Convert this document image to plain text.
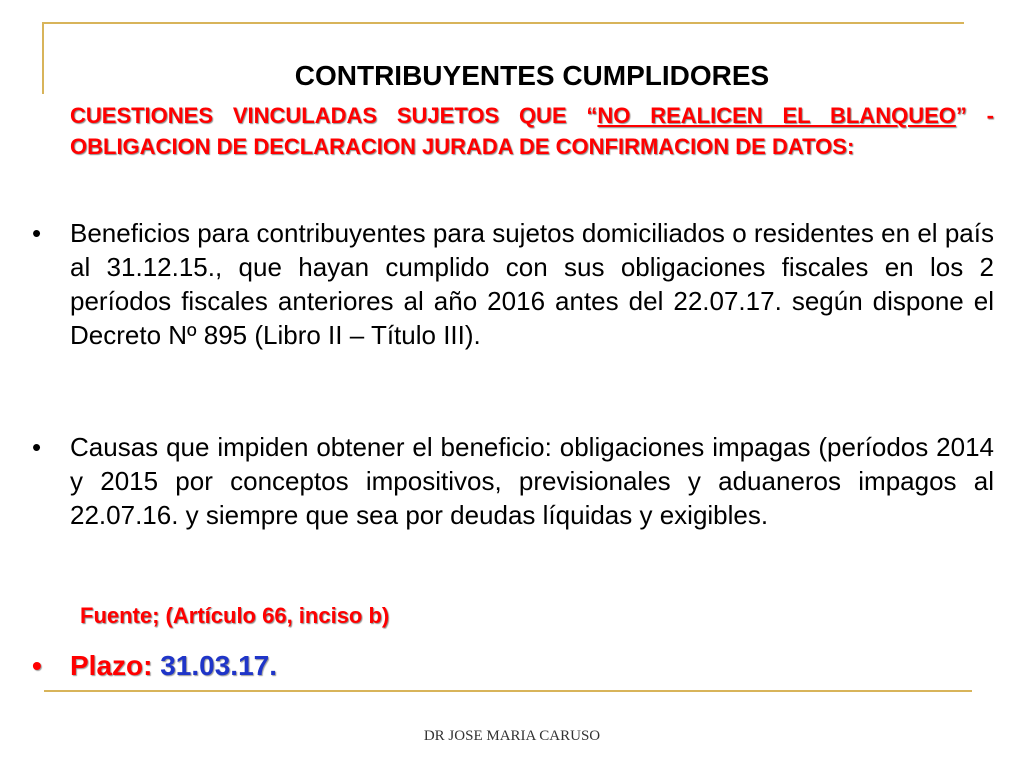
CONTRIBUYENTES CUMPLIDORES
CUESTIONES VINCULADAS SUJETOS QUE “NO REALICEN EL BLANQUEO” - OBLIGACION DE DECLARACION JURADA DE CONFIRMACION DE DATOS:
• Beneficios para contribuyentes para sujetos domiciliados o residentes en el país al 31.12.15., que hayan cumplido con sus obligaciones fiscales en los 2 períodos fiscales anteriores al año 2016 antes del 22.07.17. según dispone el Decreto Nº 895 (Libro II – Título III).
• Causas que impiden obtener el beneficio: obligaciones impagas (períodos 2014 y 2015 por conceptos impositivos, previsionales y aduaneros impagos al 22.07.16. y siempre que sea por deudas líquidas y exigibles.
Fuente; (Artículo 66, inciso b)
• Plazo: 31.03.17.
DR JOSE MARIA CARUSO
